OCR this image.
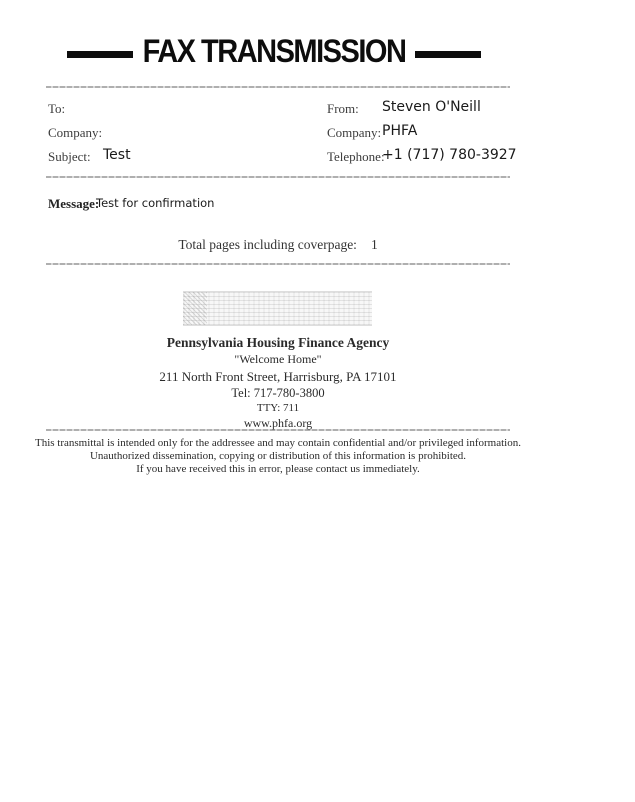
FAX TRANSMISSION
To:
Company:
Subject: Test
From: Steven O'Neill
Company: PHFA
Telephone:
+1 (717) 780-3927
Message:
Test for confirmation
Total pages including coverpage: 1
Pennsylvania Housing Finance Agency
"Welcome Home"
211 North Front Street, Harrisburg, PA 17101
Tel: 717-780-3800
TTY: 711
www.phfa.org
This transmittal is intended only for the addressee and may contain confidential and/or privileged information.
Unauthorized dissemination, copying or distribution of this information is prohibited.
If you have received this in error, please contact us immediately.
